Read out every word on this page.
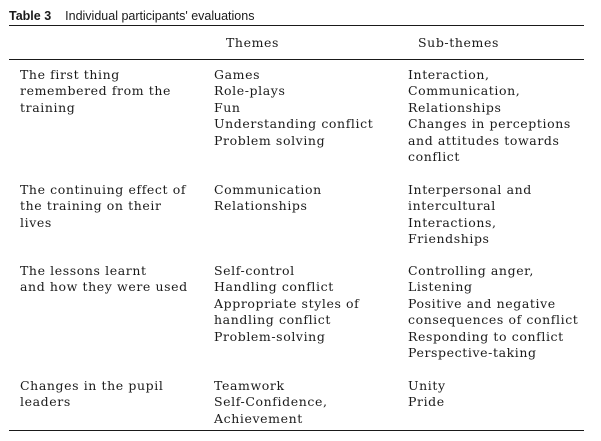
Table 3 Individual participants' evaluations
Themes	Sub-themes
The first thing
remembered from the
training
Games
Role-plays
Fun
Understanding conflict
Problem solving
Interaction,
Communication,
Relationships
Changes in perceptions
and attitudes towards
conflict
The continuing effect of
the training on their
lives
Communication
Relationships
Interpersonal and
intercultural
Interactions,
Friendships
The lessons learnt
and how they were used
Self-control
Handling conflict
Appropriate styles of
handling conflict
Problem-solving
Controlling anger,
Listening
Positive and negative
consequences of conflict
Responding to conflict
Perspective-taking
Changes in the pupil
leaders
Teamwork
Self-Confidence,
Achievement
Unity
Pride
